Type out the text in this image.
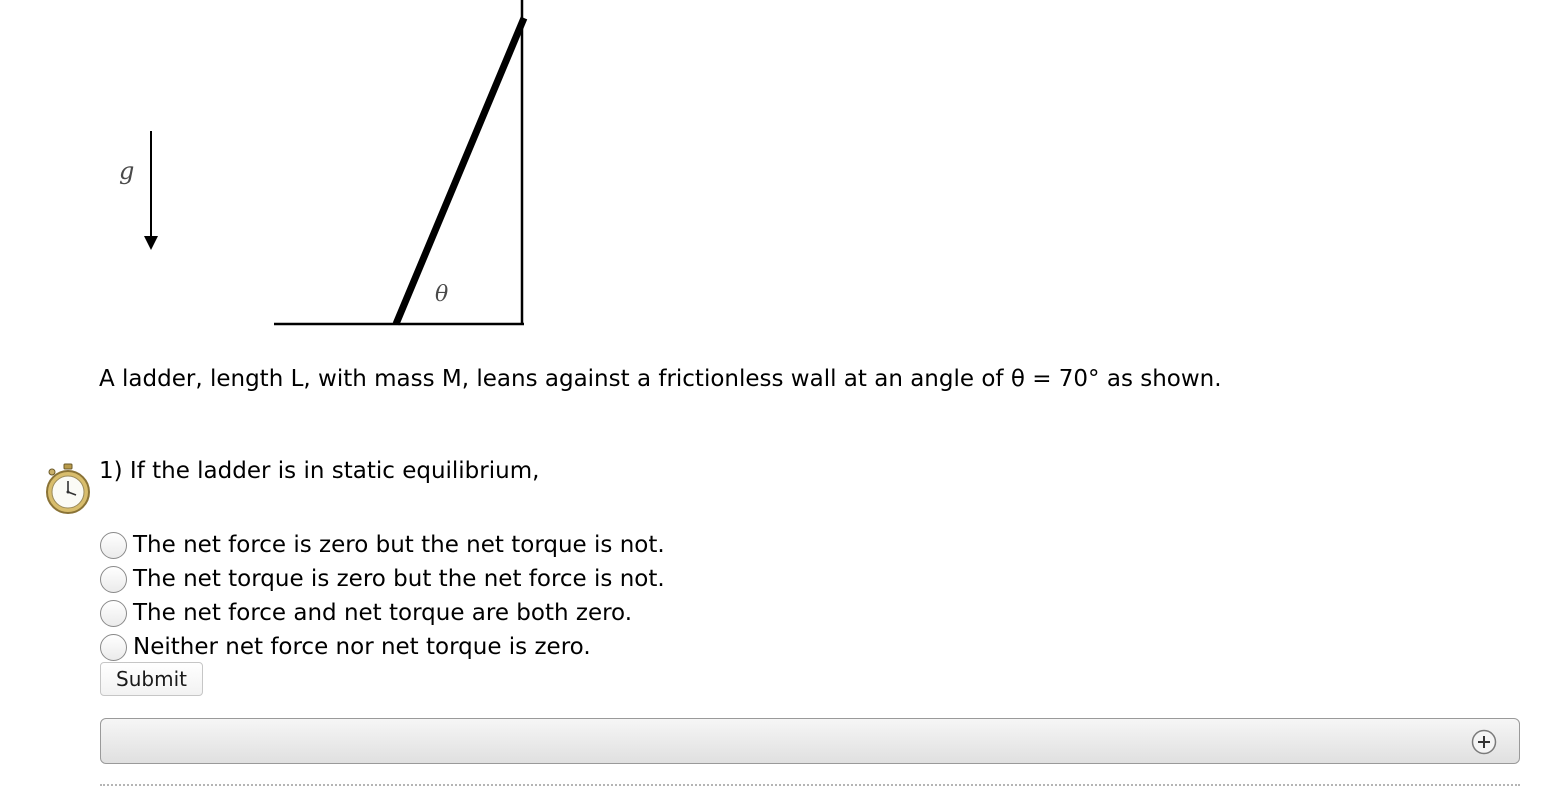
g
θ
A ladder, length L, with mass M, leans against a frictionless wall at an angle of θ = 70° as shown.
1) If the ladder is in static equilibrium,
The net force is zero but the net torque is not.
The net torque is zero but the net force is not.
The net force and net torque are both zero.
Neither net force nor net torque is zero.
Submit
